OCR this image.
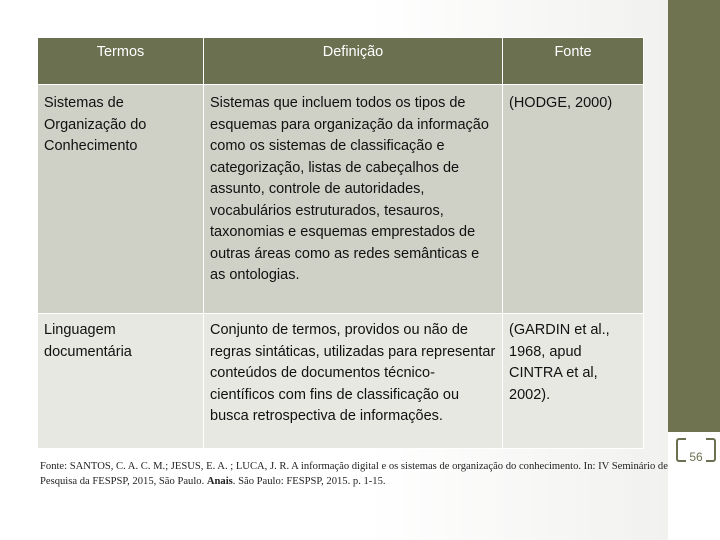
Termos	Definição	Fonte
Sistemas de Organização do Conhecimento	Sistemas que incluem todos os tipos de esquemas para organização da informação como os sistemas de classificação e categorização, listas de cabeçalhos de assunto, controle de autoridades, vocabulários estruturados, tesauros, taxonomias e esquemas emprestados de outras áreas como as redes semânticas e as ontologias.	(HODGE, 2000)
Linguagem documentária	Conjunto de termos, providos ou não de regras sintáticas, utilizadas para representar conteúdos de documentos técnico-científicos com fins de classificação ou busca retrospectiva de informações.	(GARDIN et al., 1968, apud CINTRA et al, 2002).
Fonte: SANTOS, C. A. C. M.; JESUS, E. A. ; LUCA, J. R. A informação digital e os sistemas de organização do conhecimento. In: IV Seminário de Pesquisa da FESPSP, 2015, São Paulo. Anais. São Paulo: FESPSP, 2015. p. 1-15.
56
